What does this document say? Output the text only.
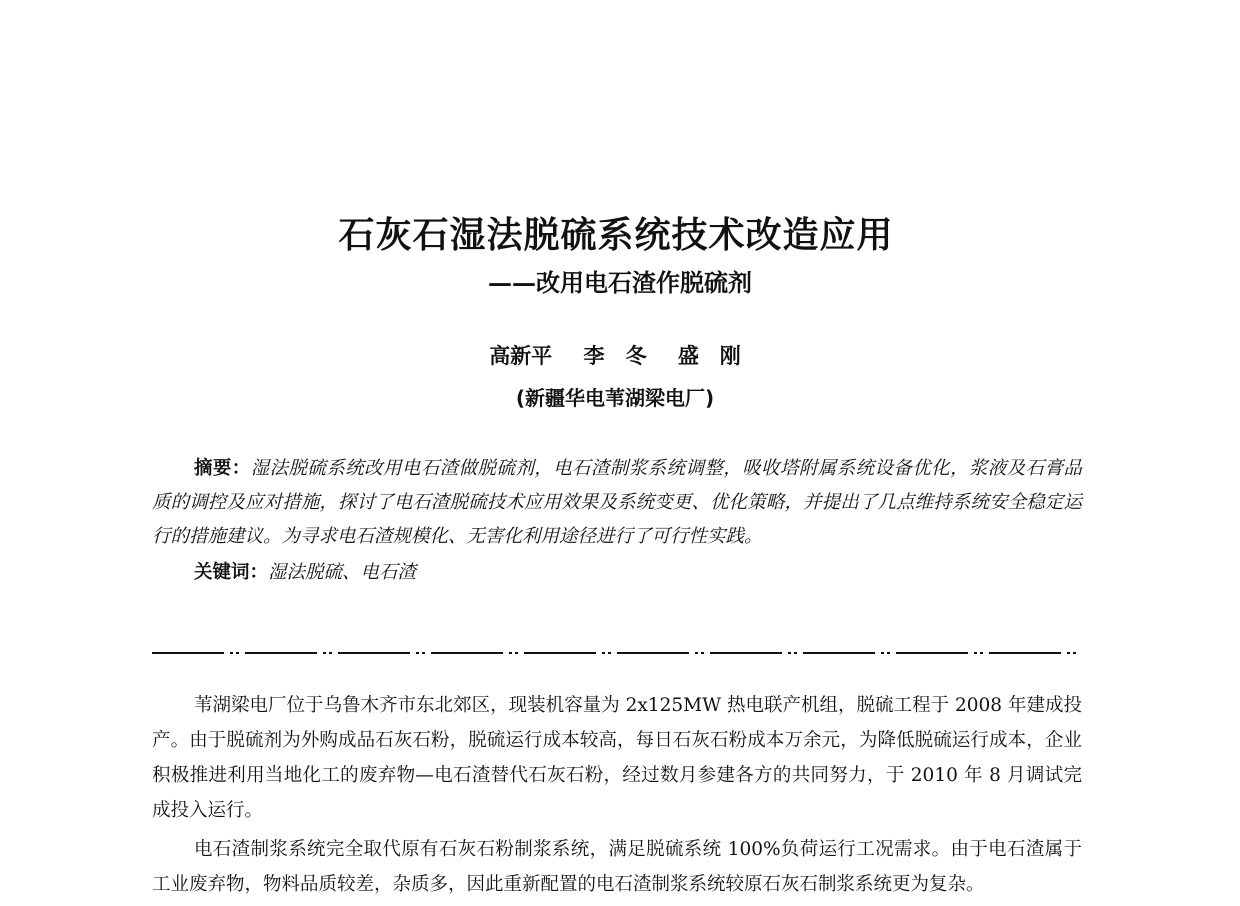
石灰石湿法脱硫系统技术改造应用
——改用电石渣作脱硫剂
高新平 李　冬 盛　刚
(新疆华电苇湖梁电厂)

摘要：湿法脱硫系统改用电石渣做脱硫剂，电石渣制浆系统调整，吸收塔附属系统设备优化，浆液及石膏品质的调控及应对措施，探讨了电石渣脱硫技术应用效果及系统变更、优化策略，并提出了几点维持系统安全稳定运行的措施建议。为寻求电石渣规模化、无害化利用途径进行了可行性实践。

关键词：湿法脱硫、电石渣

苇湖梁电厂位于乌鲁木齐市东北郊区，现装机容量为 2x125MW 热电联产机组，脱硫工程于 2008 年建成投产。由于脱硫剂为外购成品石灰石粉，脱硫运行成本较高，每日石灰石粉成本万余元，为降低脱硫运行成本，企业积极推进利用当地化工的废弃物—电石渣替代石灰石粉，经过数月参建各方的共同努力，于 2010 年 8 月调试完成投入运行。

电石渣制浆系统完全取代原有石灰石粉制浆系统，满足脱硫系统 100%负荷运行工况需求。由于电石渣属于工业废弃物，物料品质较差，杂质多，因此重新配置的电石渣制浆系统较原石灰石制浆系统更为复杂。
